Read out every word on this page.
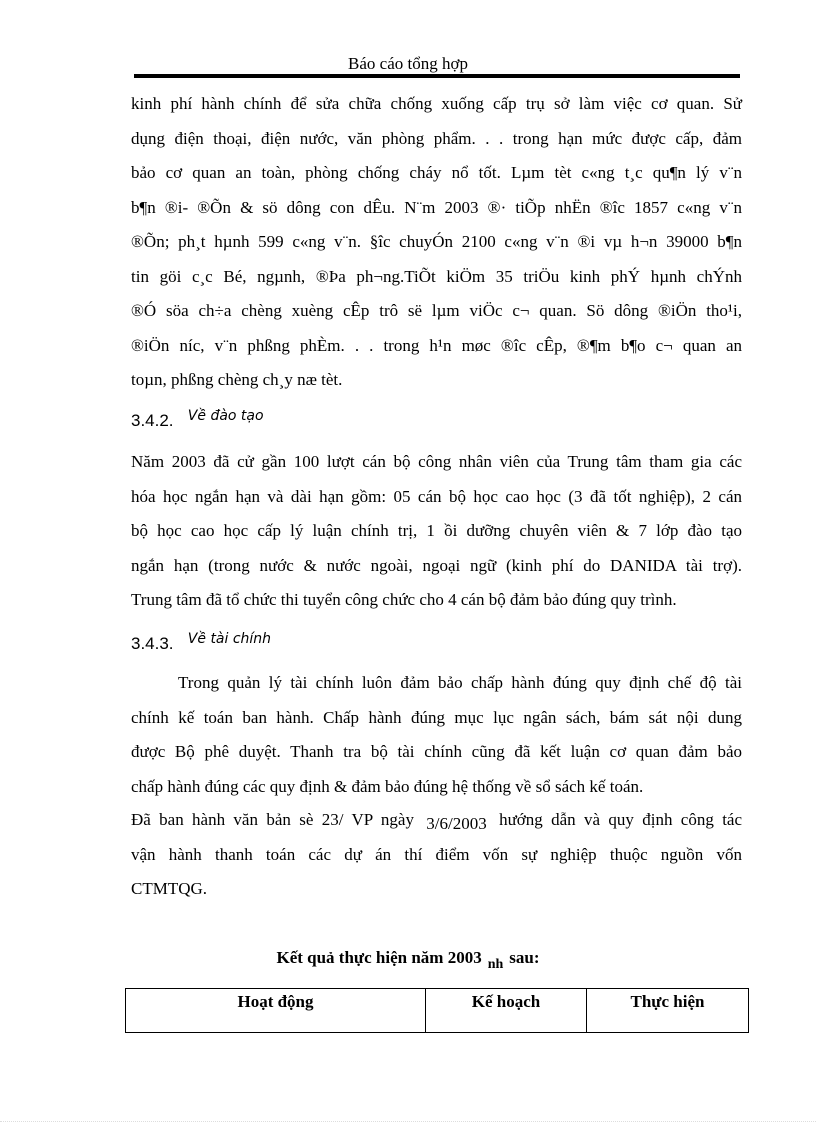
Báo cáo tổng hợp
kinh phí hành chính để sửa chữa chống xuống cấp trụ sở làm việc cơ quan. Sử
dụng điện thoại, điện nước, văn phòng phẩm. . . trong hạn mức được cấp, đảm
bảo cơ quan an toàn, phòng chống cháy nổ tốt. Lµm tèt c«ng t¸c qu¶n lý v¨n
b¶n ®i- ®Õn & sö dông con dÊu. N¨m 2003 ®· tiÕp nhËn ®îc 1857 c«ng v¨n
®Õn; ph¸t hµnh 599 c«ng v¨n. §îc chuyÓn 2100 c«ng v¨n ®i vµ h¬n 39000 b¶n
tin göi c¸c Bé, ngµnh, ®Þa ph¬ng.TiÕt kiÖm 35 triÖu kinh phÝ hµnh chÝnh
®Ó söa ch÷a chèng xuèng cÊp trô së lµm viÖc c¬ quan. Sö dông ®iÖn tho¹i,
®iÖn níc, v¨n phßng phÈm. . . trong h¹n møc ®îc cÊp, ®¶m b¶o c¬ quan an
toµn, phßng chèng ch¸y næ tèt.
3.4.2. $^{Về đào tạo}$
Năm 2003 đã cử gần 100 lượt cán bộ công nhân viên của Trung tâm tham gia các
hóa học ngắn hạn và dài hạn gồm: 05 cán bộ học cao học (3 đã tốt nghiệp), 2 cán
bộ học cao học cấp lý luận chính trị, 1 ồi dưỡng chuyên viên & 7 lớp đào tạo
ngắn hạn (trong nước & nước ngoài, ngoại ngữ (kinh phí do DANIDA tài trợ).
Trung tâm đã tổ chức thi tuyển công chức cho 4 cán bộ đảm bảo đúng quy trình.
3.4.3. $^{Về tài chính}$
Trong quản lý tài chính luôn đảm bảo chấp hành đúng quy định chế độ tài
chính kế toán ban hành. Chấp hành đúng mục lục ngân sách, bám sát nội dung
được Bộ phê duyệt. Thanh tra bộ tài chính cũng đã kết luận cơ quan đảm bảo
chấp hành đúng các quy định & đảm bảo đúng hệ thống về sổ sách kế toán.
Đã ban hành văn bản sè 23/ VP ngày 3/6/2003 hướng dẫn và quy định công tác
vận hành thanh toán các dự án thí điểm vốn sự nghiệp thuộc nguồn vốn
CTMTQG.
Kết quả thực hiện năm 2003 $_{nh}$ sau:
Hoạt động	Kế hoạch	Thực hiện
